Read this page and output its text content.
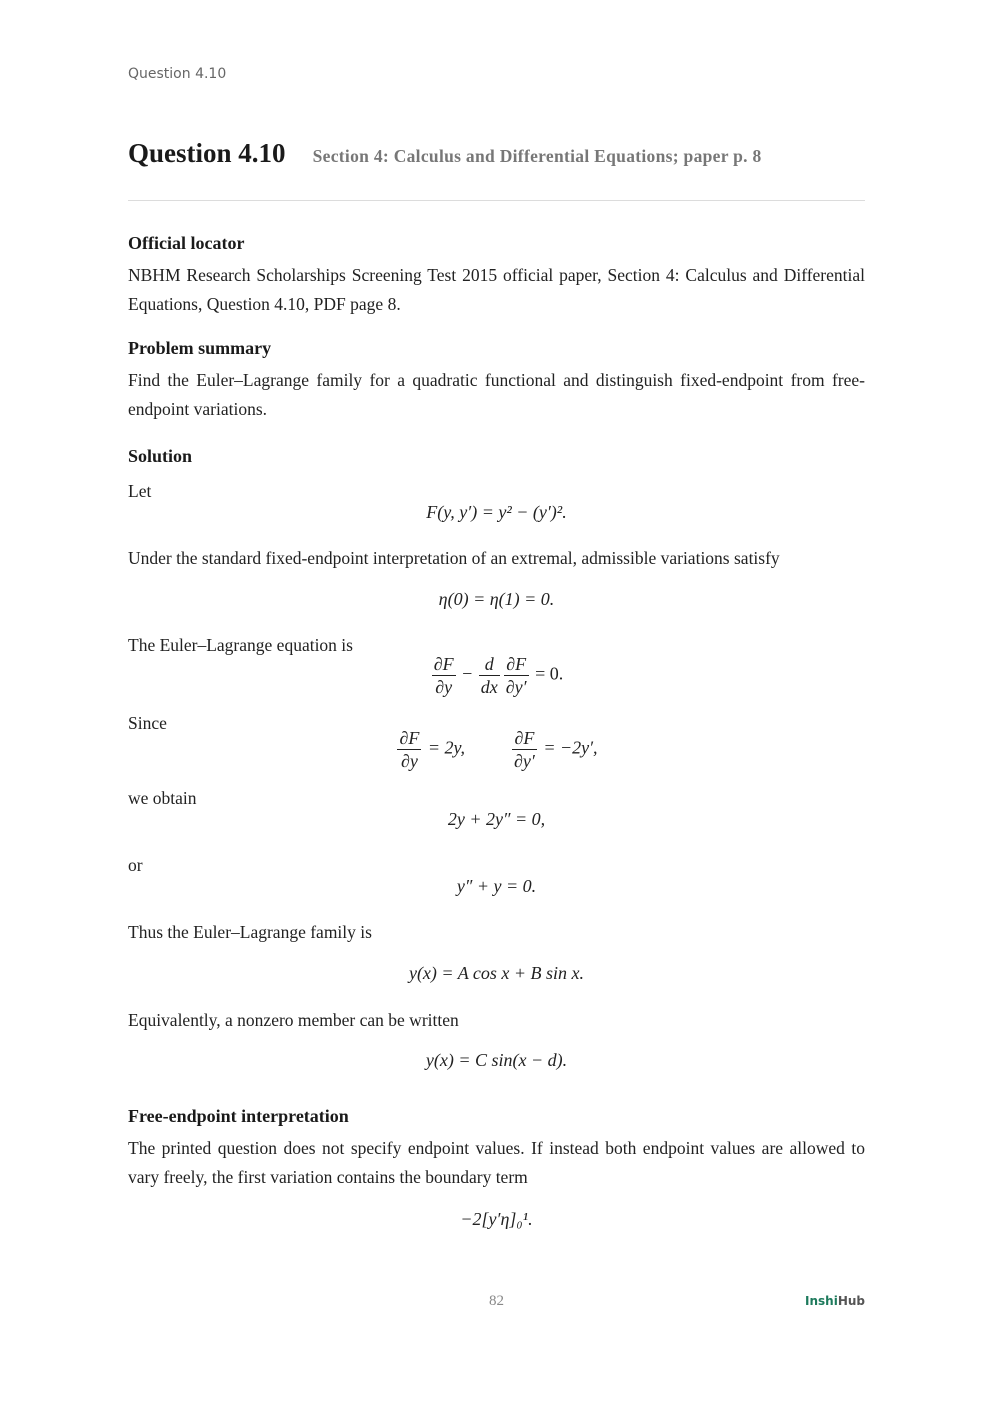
Question 4.10
Question 4.10 Section 4: Calculus and Differential Equations; paper p. 8
Official locator
NBHM Research Scholarships Screening Test 2015 official paper, Section 4: Calculus and Differential Equations, Question 4.10, PDF page 8.
Problem summary
Find the Euler–Lagrange family for a quadratic functional and distinguish fixed-endpoint from free-endpoint variations.
Solution
Let
F(y, y′) = y² − (y′)².
Under the standard fixed-endpoint interpretation of an extremal, admissible variations satisfy
η(0) = η(1) = 0.
The Euler–Lagrange equation is
$\frac{\partial F}{\partial y} - \frac{d}{dx} \frac{\partial F}{\partial y'} = 0$.
Since
$\frac{\partial F}{\partial y} = 2y$,	$\frac{\partial F}{\partial y'} = -2y'$,
we obtain
2y + 2y″ = 0,
or
y″ + y = 0.
Thus the Euler–Lagrange family is
y(x) = A cos x + B sin x.
Equivalently, a nonzero member can be written
y(x) = C sin(x − d).
Free-endpoint interpretation
The printed question does not specify endpoint values. If instead both endpoint values are allowed to vary freely, the first variation contains the boundary term
−2[y′η]₀¹.
82	InshiHub
